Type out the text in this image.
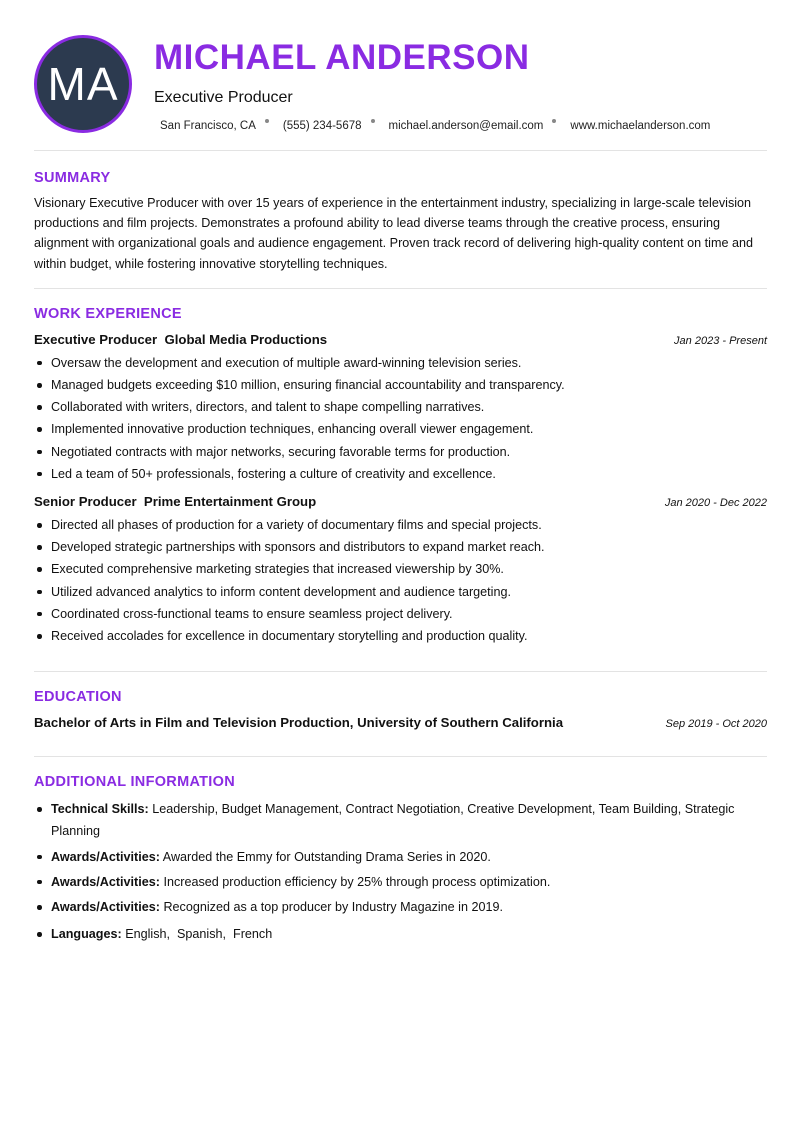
MA
MICHAEL ANDERSON
Executive Producer
San Francisco, CA (555) 234-5678 michael.anderson@email.com www.michaelanderson.com
SUMMARY

Visionary Executive Producer with over 15 years of experience in the entertainment industry, specializing in large-scale television productions and film projects. Demonstrates a profound ability to lead diverse teams through the creative process, ensuring alignment with organizational goals and audience engagement. Proven track record of delivering high-quality content on time and within budget, while fostering innovative storytelling techniques.

WORK EXPERIENCE
Executive Producer  Global Media Productions	Jan 2023 - Present
Oversaw the development and execution of multiple award-winning television series.
Managed budgets exceeding $10 million, ensuring financial accountability and transparency.
Collaborated with writers, directors, and talent to shape compelling narratives.
Implemented innovative production techniques, enhancing overall viewer engagement.
Negotiated contracts with major networks, securing favorable terms for production.
Led a team of 50+ professionals, fostering a culture of creativity and excellence.
Senior Producer  Prime Entertainment Group	Jan 2020 - Dec 2022
Directed all phases of production for a variety of documentary films and special projects.
Developed strategic partnerships with sponsors and distributors to expand market reach.
Executed comprehensive marketing strategies that increased viewership by 30%.
Utilized advanced analytics to inform content development and audience targeting.
Coordinated cross-functional teams to ensure seamless project delivery.
Received accolades for excellence in documentary storytelling and production quality.
EDUCATION
Bachelor of Arts in Film and Television Production, University of Southern California	Sep 2019 - Oct 2020
ADDITIONAL INFORMATION
Technical Skills: Leadership, Budget Management, Contract Negotiation, Creative Development, Team Building, Strategic Planning
Awards/Activities: Awarded the Emmy for Outstanding Drama Series in 2020.
Awards/Activities: Increased production efficiency by 25% through process optimization.
Awards/Activities: Recognized as a top producer by Industry Magazine in 2019.
Languages: English,  Spanish,  French
